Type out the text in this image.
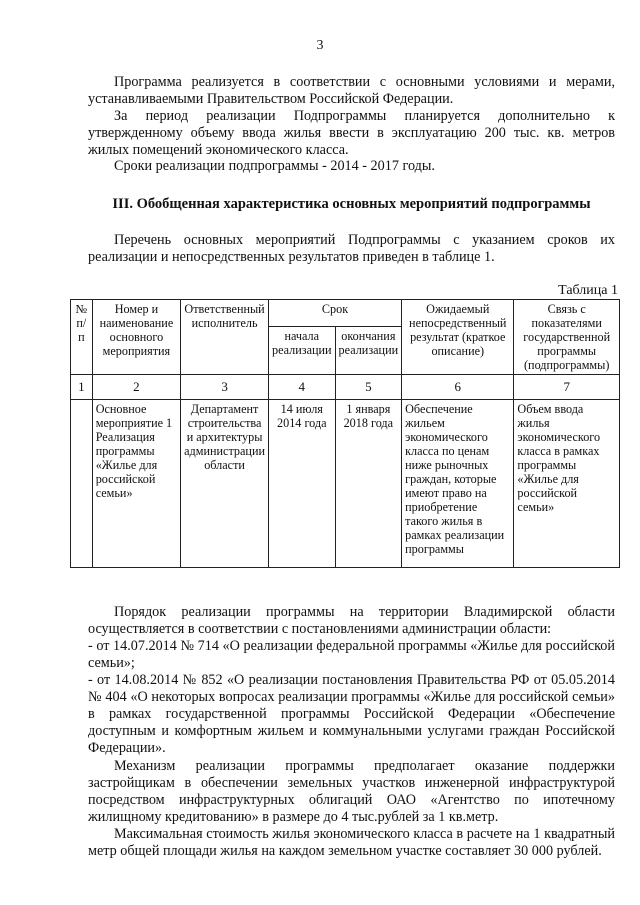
3
Программа реализуется в соответствии с основными условиями и мерами, устанавливаемыми Правительством Российской Федерации.
За период реализации Подпрограммы планируется дополнительно к утвержденному объему ввода жилья ввести в эксплуатацию 200 тыс. кв. метров жилых помещений экономического класса.
Сроки реализации подпрограммы - 2014 - 2017 годы.
III. Обобщенная характеристика основных мероприятий подпрограммы
Перечень основных мероприятий Подпрограммы с указанием сроков их реализации и непосредственных результатов приведен в таблице 1.
Таблица 1
№ п/п	Номер и наименование основного мероприятия	Ответственный исполнитель	Срок		Ожидаемый непосредственный результат (краткое описание)	Связь с показателями государственной программы (подпрограммы)
			начала реализации	окончания реализации		
1	2	3	4	5	6	7
	Основное мероприятие 1 Реализация программы «Жилье для российской семьи»	Департамент строительства и архитектуры администрации области	14 июля 2014 года	1 января 2018 года	Обеспечение жильем экономического класса по ценам ниже рыночных граждан, которые имеют право на приобретение такого жилья в рамках реализации программы	Объем ввода жилья экономического класса в рамках программы «Жилье для российской семьи»
Порядок реализации программы на территории Владимирской области осуществляется в соответствии с постановлениями администрации области:
- от 14.07.2014 № 714 «О реализации федеральной программы «Жилье для российской семьи»;
- от 14.08.2014 № 852 «О реализации постановления Правительства РФ от 05.05.2014 № 404 «О некоторых вопросах реализации программы «Жилье для российской семьи» в рамках государственной программы Российской Федерации «Обеспечение доступным и комфортным жильем и коммунальными услугами граждан Российской Федерации».
Механизм реализации программы предполагает оказание поддержки застройщикам в обеспечении земельных участков инженерной инфраструктурой посредством инфраструктурных облигаций ОАО «Агентство по ипотечному жилищному кредитованию» в размере до 4 тыс.рублей за 1 кв.метр.
Максимальная стоимость жилья экономического класса в расчете на 1 квадратный метр общей площади жилья на каждом земельном участке составляет 30 000 рублей.
